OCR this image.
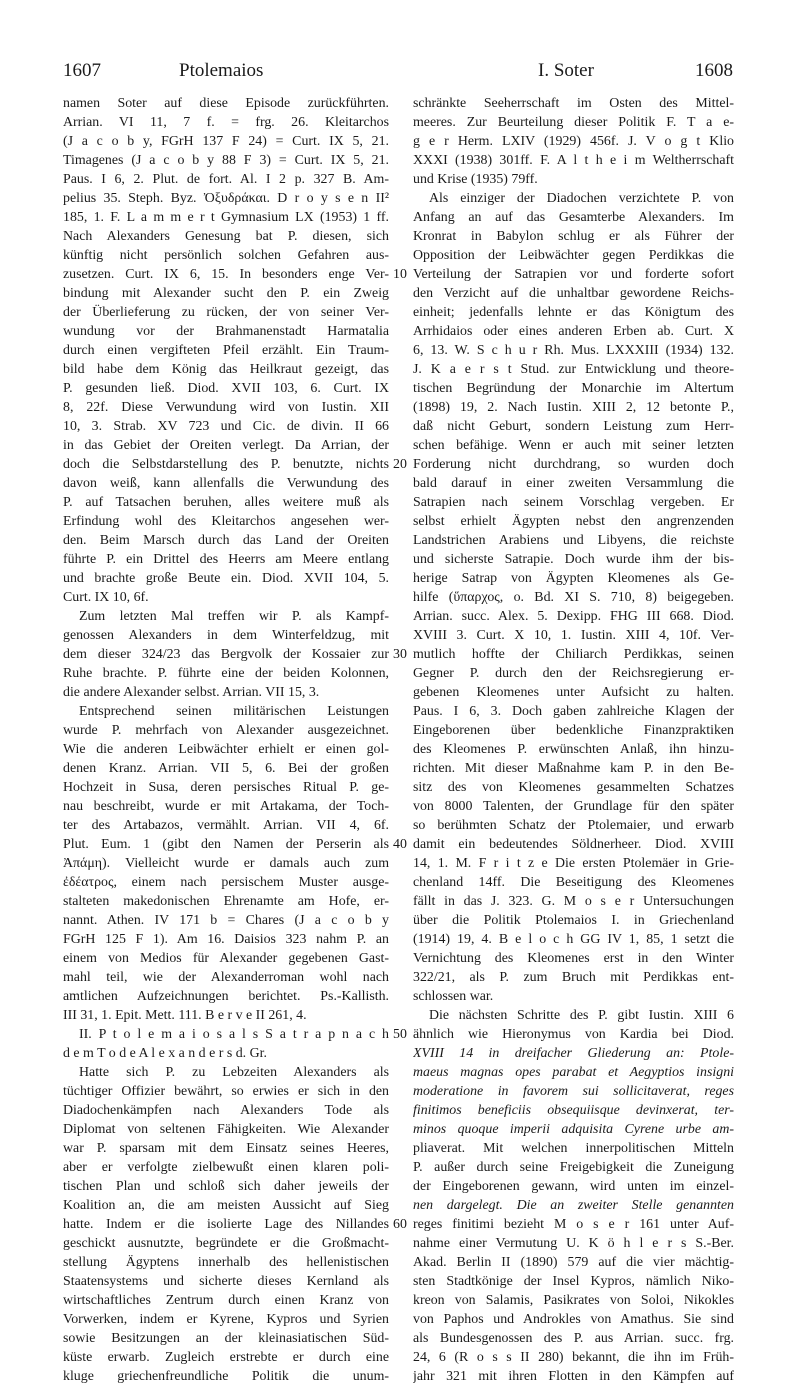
1607	Ptolemaios	I. Soter	1608
namen Soter auf diese Episode zurückführten.
Arrian. VI 11, 7 f. = frg. 26. Kleitarchos
(J a c o b y, FGrH 137 F 24) = Curt. IX 5, 21.
Timagenes (J a c o b y 88 F 3) = Curt. IX 5, 21.
Paus. I 6, 2. Plut. de fort. Al. I 2 p. 327 B. Am-
pelius 35. Steph. Byz. Ὀξυδράκαι. D r o y s e n II²
185, 1. F. L a m m e r t Gymnasium LX (1953) 1 ff.
Nach Alexanders Genesung bat P. diesen, sich
künftig nicht persönlich solchen Gefahren aus-
zusetzen. Curt. IX 6, 15. In besonders enge Ver-
bindung mit Alexander sucht den P. ein Zweig
der Überlieferung zu rücken, der von seiner Ver-
wundung vor der Brahmanenstadt Harmatalia
durch einen vergifteten Pfeil erzählt. Ein Traum-
bild habe dem König das Heilkraut gezeigt, das
P. gesunden ließ. Diod. XVII 103, 6. Curt. IX
8, 22f. Diese Verwundung wird von Iustin. XII
10, 3. Strab. XV 723 und Cic. de divin. II 66
in das Gebiet der Oreiten verlegt. Da Arrian, der
doch die Selbstdarstellung des P. benutzte, nichts
davon weiß, kann allenfalls die Verwundung des
P. auf Tatsachen beruhen, alles weitere muß als
Erfindung wohl des Kleitarchos angesehen wer-
den. Beim Marsch durch das Land der Oreiten
führte P. ein Drittel des Heerrs am Meere entlang
und brachte große Beute ein. Diod. XVII 104, 5.
Curt. IX 10, 6f.
Zum letzten Mal treffen wir P. als Kampf-
genossen Alexanders in dem Winterfeldzug, mit
dem dieser 324/23 das Bergvolk der Kossaier zur
Ruhe brachte. P. führte eine der beiden Kolonnen,
die andere Alexander selbst. Arrian. VII 15, 3.
Entsprechend seinen militärischen Leistungen
wurde P. mehrfach von Alexander ausgezeichnet.
Wie die anderen Leibwächter erhielt er einen gol-
denen Kranz. Arrian. VII 5, 6. Bei der großen
Hochzeit in Susa, deren persisches Ritual P. ge-
nau beschreibt, wurde er mit Artakama, der Toch-
ter des Artabazos, vermählt. Arrian. VII 4, 6f.
Plut. Eum. 1 (gibt den Namen der Perserin als
Ἀπάμη). Vielleicht wurde er damals auch zum
ἐδέατρος, einem nach persischem Muster ausge-
stalteten makedonischen Ehrenamte am Hofe, er-
nannt. Athen. IV 171 b = Chares (J a c o b y
FGrH 125 F 1). Am 16. Daisios 323 nahm P. an
einem von Medios für Alexander gegebenen Gast-
mahl teil, wie der Alexanderroman wohl nach
amtlichen Aufzeichnungen berichtet. Ps.-Kallisth.
III 31, 1. Epit. Mett. 111. B e r v e II 261, 4.
II. P t o l e m a i o s a l s S a t r a p n a c h
d e m T o d e A l e x a n d e r s d. Gr.
Hatte sich P. zu Lebzeiten Alexanders als
tüchtiger Offizier bewährt, so erwies er sich in den
Diadochenkämpfen nach Alexanders Tode als
Diplomat von seltenen Fähigkeiten. Wie Alexander
war P. sparsam mit dem Einsatz seines Heeres,
aber er verfolgte zielbewußt einen klaren poli-
tischen Plan und schloß sich daher jeweils der
Koalition an, die am meisten Aussicht auf Sieg
hatte. Indem er die isolierte Lage des Nillandes
geschickt ausnutzte, begründete er die Großmacht-
stellung Ägyptens innerhalb des hellenistischen
Staatensystems und sicherte dieses Kernland als
wirtschaftliches Zentrum durch einen Kranz von
Vorwerken, indem er Kyrene, Kypros und Syrien
sowie Besitzungen an der kleinasiatischen Süd-
küste erwarb. Zugleich erstrebte er durch eine
kluge griechenfreundliche Politik die unum-
schränkte Seeherrschaft im Osten des Mittel-
meeres. Zur Beurteilung dieser Politik F. T a e-
g e r Herm. LXIV (1929) 456f. J. V o g t Klio
XXXI (1938) 301ff. F. A l t h e i m Weltherrschaft
und Krise (1935) 79ff.
Als einziger der Diadochen verzichtete P. von
Anfang an auf das Gesamterbe Alexanders. Im
Kronrat in Babylon schlug er als Führer der
Opposition der Leibwächter gegen Perdikkas die
Verteilung der Satrapien vor und forderte sofort
den Verzicht auf die unhaltbar gewordene Reichs-
einheit; jedenfalls lehnte er das Königtum des
Arrhidaios oder eines anderen Erben ab. Curt. X
6, 13. W. S c h u r Rh. Mus. LXXXIII (1934) 132.
J. K a e r s t Stud. zur Entwicklung und theore-
tischen Begründung der Monarchie im Altertum
(1898) 19, 2. Nach Iustin. XIII 2, 12 betonte P.,
daß nicht Geburt, sondern Leistung zum Herr-
schen befähige. Wenn er auch mit seiner letzten
Forderung nicht durchdrang, so wurden doch
bald darauf in einer zweiten Versammlung die
Satrapien nach seinem Vorschlag vergeben. Er
selbst erhielt Ägypten nebst den angrenzenden
Landstrichen Arabiens und Libyens, die reichste
und sicherste Satrapie. Doch wurde ihm der bis-
herige Satrap von Ägypten Kleomenes als Ge-
hilfe (ὕπαρχος, o. Bd. XI S. 710, 8) beigegeben.
Arrian. succ. Alex. 5. Dexipp. FHG III 668. Diod.
XVIII 3. Curt. X 10, 1. Iustin. XIII 4, 10f. Ver-
mutlich hoffte der Chiliarch Perdikkas, seinen
Gegner P. durch den der Reichsregierung er-
gebenen Kleomenes unter Aufsicht zu halten.
Paus. I 6, 3. Doch gaben zahlreiche Klagen der
Eingeborenen über bedenkliche Finanzpraktiken
des Kleomenes P. erwünschten Anlaß, ihn hinzu-
richten. Mit dieser Maßnahme kam P. in den Be-
sitz des von Kleomenes gesammelten Schatzes
von 8000 Talenten, der Grundlage für den später
so berühmten Schatz der Ptolemaier, und erwarb
damit ein bedeutendes Söldnerheer. Diod. XVIII
14, 1. M. F r i t z e Die ersten Ptolemäer in Grie-
chenland 14ff. Die Beseitigung des Kleomenes
fällt in das J. 323. G. M o s e r Untersuchungen
über die Politik Ptolemaios I. in Griechenland
(1914) 19, 4. B e l o c h GG IV 1, 85, 1 setzt die
Vernichtung des Kleomenes erst in den Winter
322/21, als P. zum Bruch mit Perdikkas ent-
schlossen war.
Die nächsten Schritte des P. gibt Iustin. XIII 6
ähnlich wie Hieronymus von Kardia bei Diod.
XVIII 14 in dreifacher Gliederung an: Ptole-
maeus magnas opes parabat et Aegyptios insigni
moderatione in favorem sui sollicitaverat, reges
finitimos beneficiis obsequiisque devinxerat, ter-
minos quoque imperii adquisita Cyrene urbe am-
pliaverat. Mit welchen innerpolitischen Mitteln
P. außer durch seine Freigebigkeit die Zuneigung
der Eingeborenen gewann, wird unten im einzel-
nen dargelegt. Die an zweiter Stelle genannten
reges finitimi bezieht M o s e r 161 unter Auf-
nahme einer Vermutung U. K ö h l e r s S.-Ber.
Akad. Berlin II (1890) 579 auf die vier mächtig-
sten Stadtkönige der Insel Kypros, nämlich Niko-
kreon von Salamis, Pasikrates von Soloi, Nikokles
von Paphos und Androkles von Amathus. Sie sind
als Bundesgenossen des P. aus Arrian. succ. frg.
24, 6 (R o s s II 280) bekannt, die ihn im Früh-
jahr 321 mit ihren Flotten in den Kämpfen auf
10
20
30
40
50
60
